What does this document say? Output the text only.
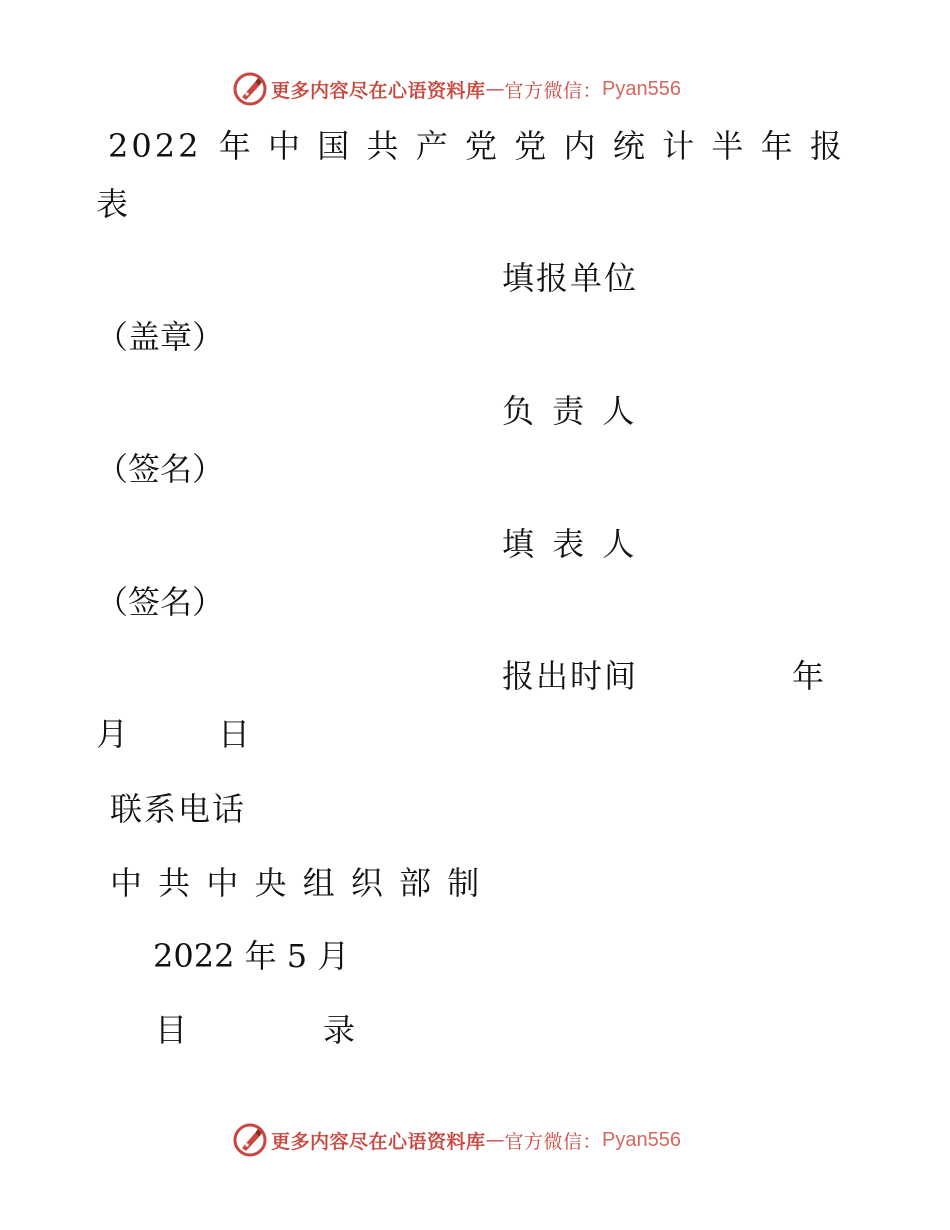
更多内容尽在心语资料库 — 官方微信： Pyan556
2022 年 中 国 共 产 党 党 内 统 计 半 年 报
表
填报单位
（盖章）
负 责 人
（签名）
填 表 人
（签名）
报出时间	年
月	日
联系电话
中 共 中 央 组 织 部 制
2022 年 5 月
目	录
更多内容尽在心语资料库 — 官方微信： Pyan556
